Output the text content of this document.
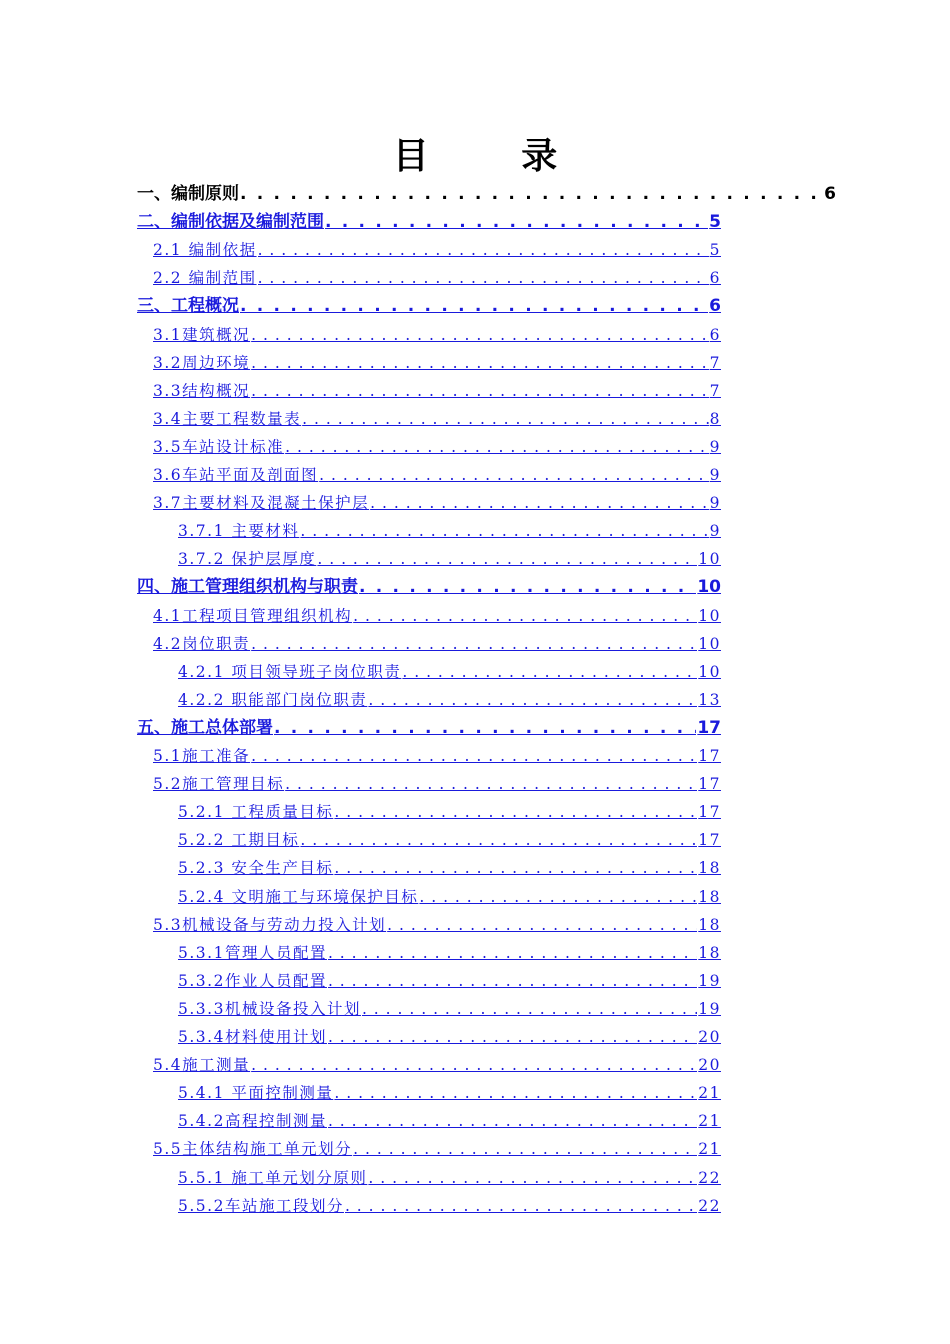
目 录
一、编制原则 . . .	6
二、编制依据及编制范围 . . .	5
2.1 编制依据 . . .	5
2.2 编制范围 . . .	6
三、工程概况 . . .	6
3.1建筑概况 . . .	6
3.2周边环境 . . .	7
3.3结构概况 . . .	7
3.4主要工程数量表 . . .	8
3.5车站设计标准 . . .	9
3.6车站平面及剖面图 . . .	9
3.7主要材料及混凝土保护层 . . .	9
3.7.1 主要材料 . . .	9
3.7.2 保护层厚度 . . .	10
四、施工管理组织机构与职责 . . .	10
4.1工程项目管理组织机构 . . .	10
4.2岗位职责 . . .	10
4.2.1 项目领导班子岗位职责 . . .	10
4.2.2 职能部门岗位职责 . . .	13
五、施工总体部署 . . .	17
5.1施工准备 . . .	17
5.2施工管理目标 . . .	17
5.2.1 工程质量目标 . . .	17
5.2.2 工期目标 . . .	17
5.2.3 安全生产目标 . . .	18
5.2.4 文明施工与环境保护目标 . . .	18
5.3机械设备与劳动力投入计划 . . .	18
5.3.1管理人员配置 . . .	18
5.3.2作业人员配置 . . .	19
5.3.3机械设备投入计划 . . .	19
5.3.4材料使用计划 . . .	20
5.4施工测量 . . .	20
5.4.1 平面控制测量 . . .	21
5.4.2高程控制测量 . . .	21
5.5主体结构施工单元划分 . . .	21
5.5.1 施工单元划分原则 . . .	22
5.5.2车站施工段划分 . . .	22
